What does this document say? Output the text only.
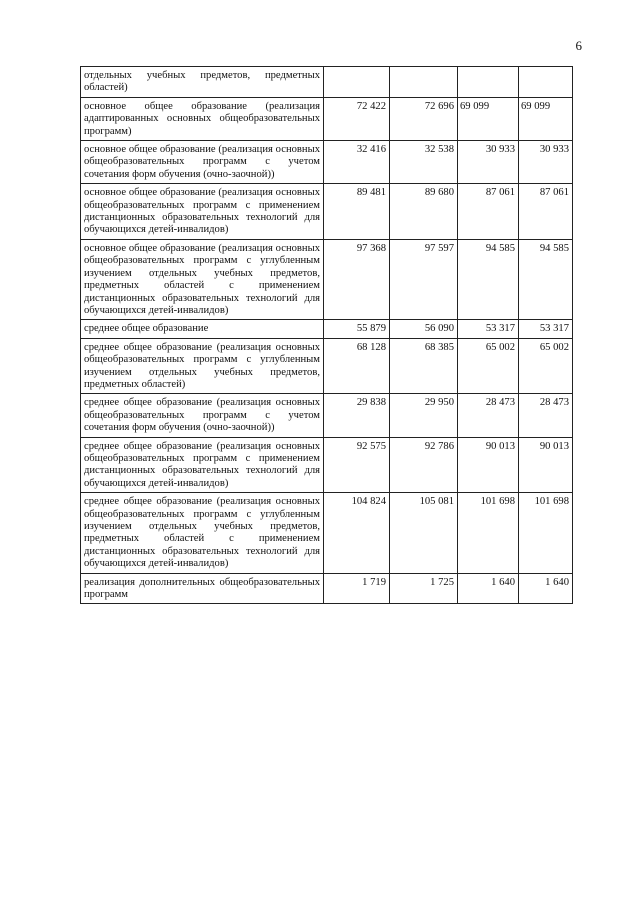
6
отдельных учебных предметов, предметных областей)				
основное общее образование (реализация адаптированных основных общеобразовательных программ)	72 422	72 696	69 099	69 099
основное общее образование (реализация основных общеобразовательных программ с учетом сочетания форм обучения (очно-заочной))	32 416	32 538	30 933	30 933
основное общее образование (реализация основных общеобразовательных программ с применением дистанционных образовательных технологий для обучающихся детей-инвалидов)	89 481	89 680	87 061	87 061
основное общее образование (реализация основных общеобразовательных программ с углубленным изучением отдельных учебных предметов, предметных областей с применением дистанционных образовательных технологий для обучающихся детей-инвалидов)	97 368	97 597	94 585	94 585
среднее общее образование	55 879	56 090	53 317	53 317
среднее общее образование (реализация основных общеобразовательных программ с углубленным изучением отдельных учебных предметов, предметных областей)	68 128	68 385	65 002	65 002
среднее общее образование (реализация основных общеобразовательных программ с учетом сочетания форм обучения (очно-заочной))	29 838	29 950	28 473	28 473
среднее общее образование (реализация основных общеобразовательных программ с применением дистанционных образовательных технологий для обучающихся детей-инвалидов)	92 575	92 786	90 013	90 013
среднее общее образование (реализация основных общеобразовательных программ с углубленным изучением отдельных учебных предметов, предметных областей с применением дистанционных образовательных технологий для обучающихся детей-инвалидов)	104 824	105 081	101 698	101 698
реализация дополнительных общеобразовательных программ	1 719	1 725	1 640	1 640
